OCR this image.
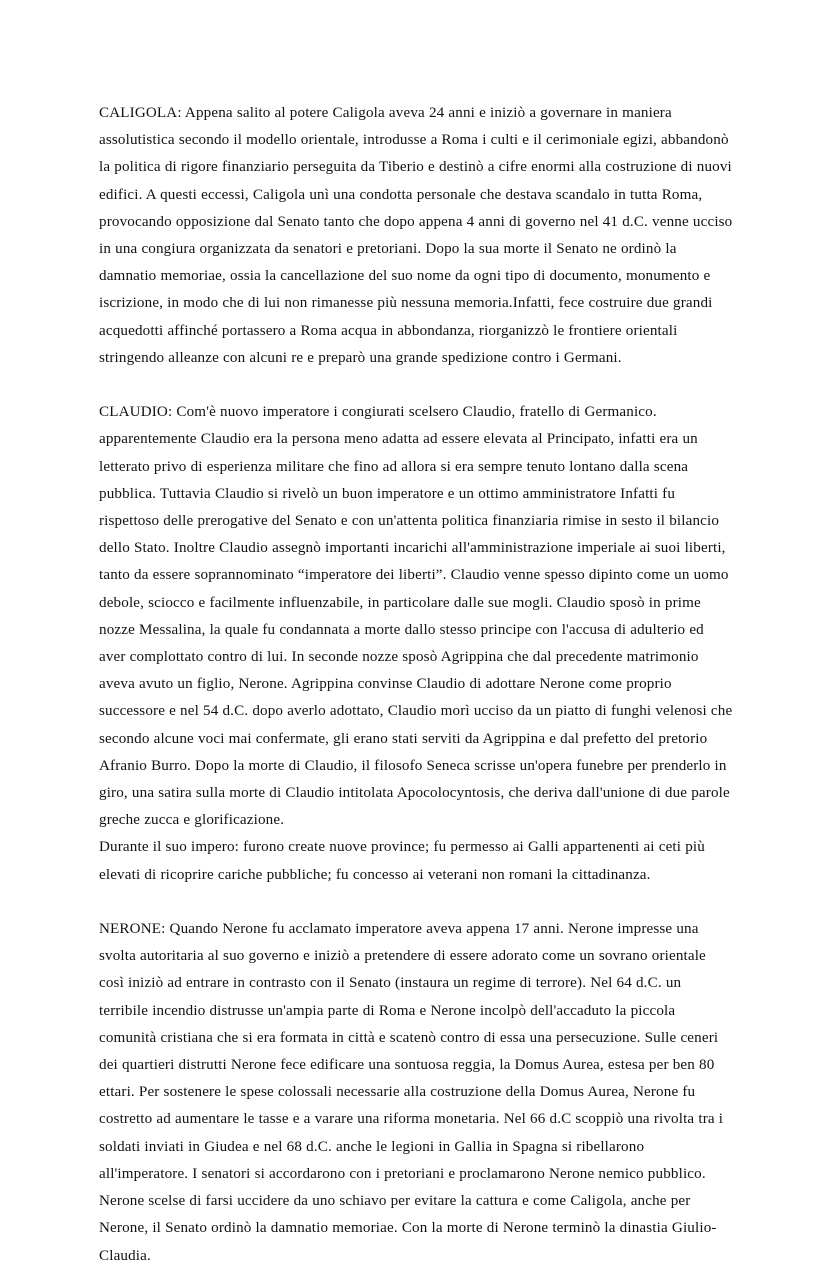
CALIGOLA: Appena salito al potere Caligola aveva 24 anni e iniziò a governare in maniera assolutistica secondo il modello orientale, introdusse a Roma i culti e il cerimoniale egizi, abbandonò la politica di rigore finanziario perseguita da Tiberio e destinò a cifre enormi alla costruzione di nuovi edifici. A questi eccessi, Caligola unì una condotta personale che destava scandalo in tutta Roma, provocando opposizione dal Senato tanto che dopo appena 4 anni di governo nel 41 d.C. venne ucciso in una congiura organizzata da senatori e pretoriani. Dopo la sua morte il Senato ne ordinò la damnatio memoriae, ossia la cancellazione del suo nome da ogni tipo di documento, monumento e iscrizione, in modo che di lui non rimanesse più nessuna memoria.Infatti, fece costruire due grandi acquedotti affinché portassero a Roma acqua in abbondanza, riorganizzò le frontiere orientali stringendo alleanze con alcuni re e preparò una grande spedizione contro i Germani.

CLAUDIO: Com'è nuovo imperatore i congiurati scelsero Claudio, fratello di Germanico. apparentemente Claudio era la persona meno adatta ad essere elevata al Principato, infatti era un letterato privo di esperienza militare che fino ad allora si era sempre tenuto lontano dalla scena pubblica. Tuttavia Claudio si rivelò un buon imperatore e un ottimo amministratore Infatti fu rispettoso delle prerogative del Senato e con un'attenta politica finanziaria rimise in sesto il bilancio dello Stato. Inoltre Claudio assegnò importanti incarichi all'amministrazione imperiale ai suoi liberti, tanto da essere soprannominato “imperatore dei liberti”. Claudio venne spesso dipinto come un uomo debole, sciocco e facilmente influenzabile, in particolare dalle sue mogli. Claudio sposò in prime nozze Messalina, la quale fu condannata a morte dallo stesso principe con l'accusa di adulterio ed aver complottato contro di lui. In seconde nozze sposò Agrippina che dal precedente matrimonio aveva avuto un figlio, Nerone. Agrippina convinse Claudio di adottare Nerone come proprio successore e nel 54 d.C. dopo averlo adottato, Claudio morì ucciso da un piatto di funghi velenosi che secondo alcune voci mai confermate, gli erano stati serviti da Agrippina e dal prefetto del pretorio Afranio Burro. Dopo la morte di Claudio, il filosofo Seneca scrisse un'opera funebre per prenderlo in giro, una satira sulla morte di Claudio intitolata Apocolocyntosis, che deriva dall'unione di due parole greche zucca e glorificazione.

Durante il suo impero: furono create nuove province; fu permesso ai Galli appartenenti ai ceti più elevati di ricoprire cariche pubbliche; fu concesso ai veterani non romani la cittadinanza.

NERONE: Quando Nerone fu acclamato imperatore aveva appena 17 anni. Nerone impresse una svolta autoritaria al suo governo e iniziò a pretendere di essere adorato come un sovrano orientale così iniziò ad entrare in contrasto con il Senato (instaura un regime di terrore). Nel 64 d.C. un terribile incendio distrusse un'ampia parte di Roma e Nerone incolpò dell'accaduto la piccola comunità cristiana che si era formata in città e scatenò contro di essa una persecuzione. Sulle ceneri dei quartieri distrutti Nerone fece edificare una sontuosa reggia, la Domus Aurea, estesa per ben 80 ettari. Per sostenere le spese colossali necessarie alla costruzione della Domus Aurea, Nerone fu costretto ad aumentare le tasse e a varare una riforma monetaria. Nel 66 d.C scoppiò una rivolta tra i soldati inviati in Giudea e nel 68 d.C. anche le legioni in Gallia in Spagna si ribellarono all'imperatore. I senatori si accordarono con i pretoriani e proclamarono Nerone nemico pubblico. Nerone scelse di farsi uccidere da uno schiavo per evitare la cattura e come Caligola, anche per Nerone, il Senato ordinò la damnatio memoriae. Con la morte di Nerone terminò la dinastia Giulio-Claudia.
